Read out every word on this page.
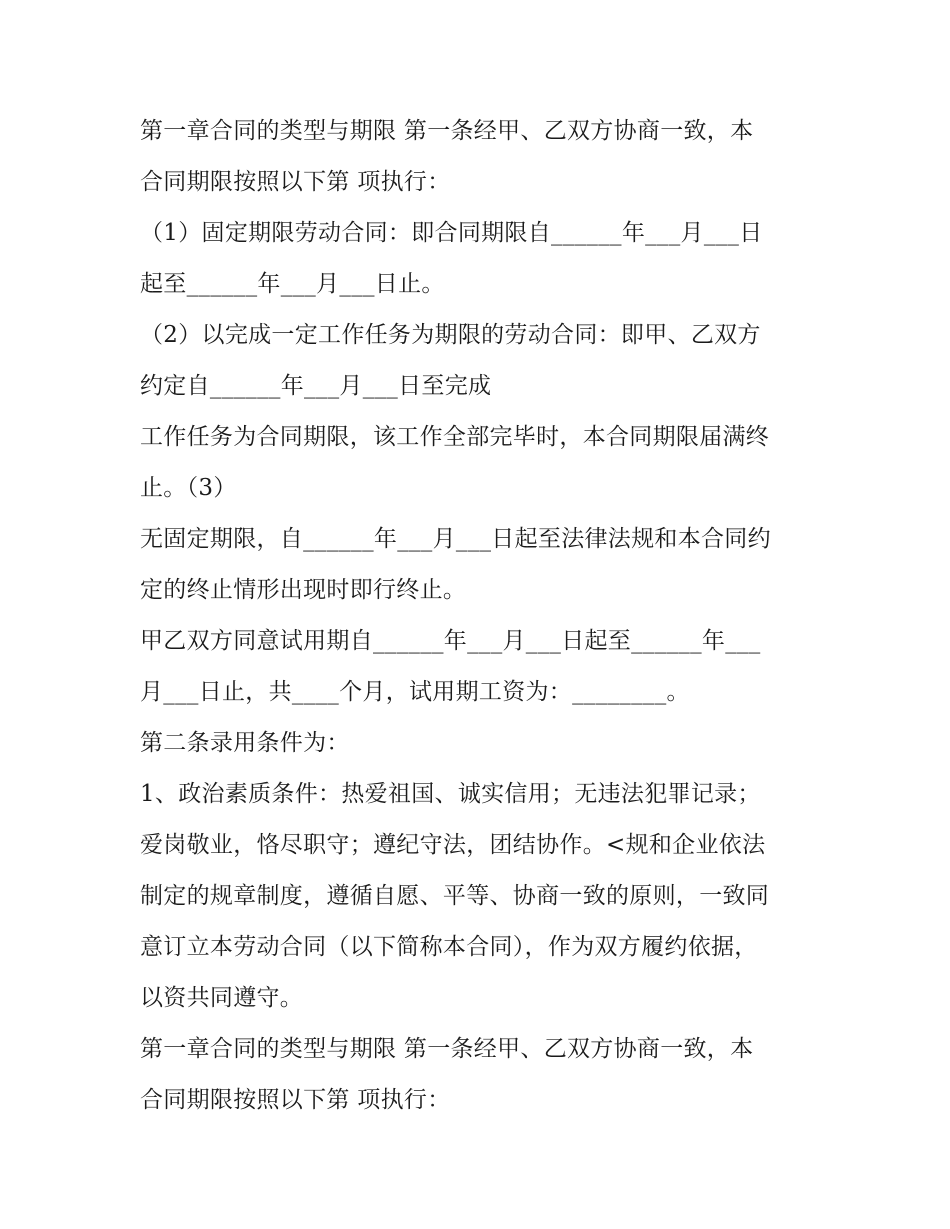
第一章合同的类型与期限 第一条经甲、乙双方协商一致，本
合同期限按照以下第 项执行：
（1）固定期限劳动合同：即合同期限自______年___月___日
起至______年___月___日止。
（2）以完成一定工作任务为期限的劳动合同：即甲、乙双方
约定自______年___月___日至完成
工作任务为合同期限，该工作全部完毕时，本合同期限届满终
止。（3）
无固定期限，自______年___月___日起至法律法规和本合同约
定的终止情形出现时即行终止。
甲乙双方同意试用期自______年___月___日起至______年___
月___日止，共____个月，试用期工资为：________。
第二条录用条件为：
1、政治素质条件：热爱祖国、诚实信用；无违法犯罪记录；
爱岗敬业，恪尽职守；遵纪守法，团结协作。<规和企业依法
制定的规章制度，遵循自愿、平等、协商一致的原则，一致同
意订立本劳动合同（以下简称本合同），作为双方履约依据，
以资共同遵守。
第一章合同的类型与期限 第一条经甲、乙双方协商一致，本
合同期限按照以下第 项执行：
